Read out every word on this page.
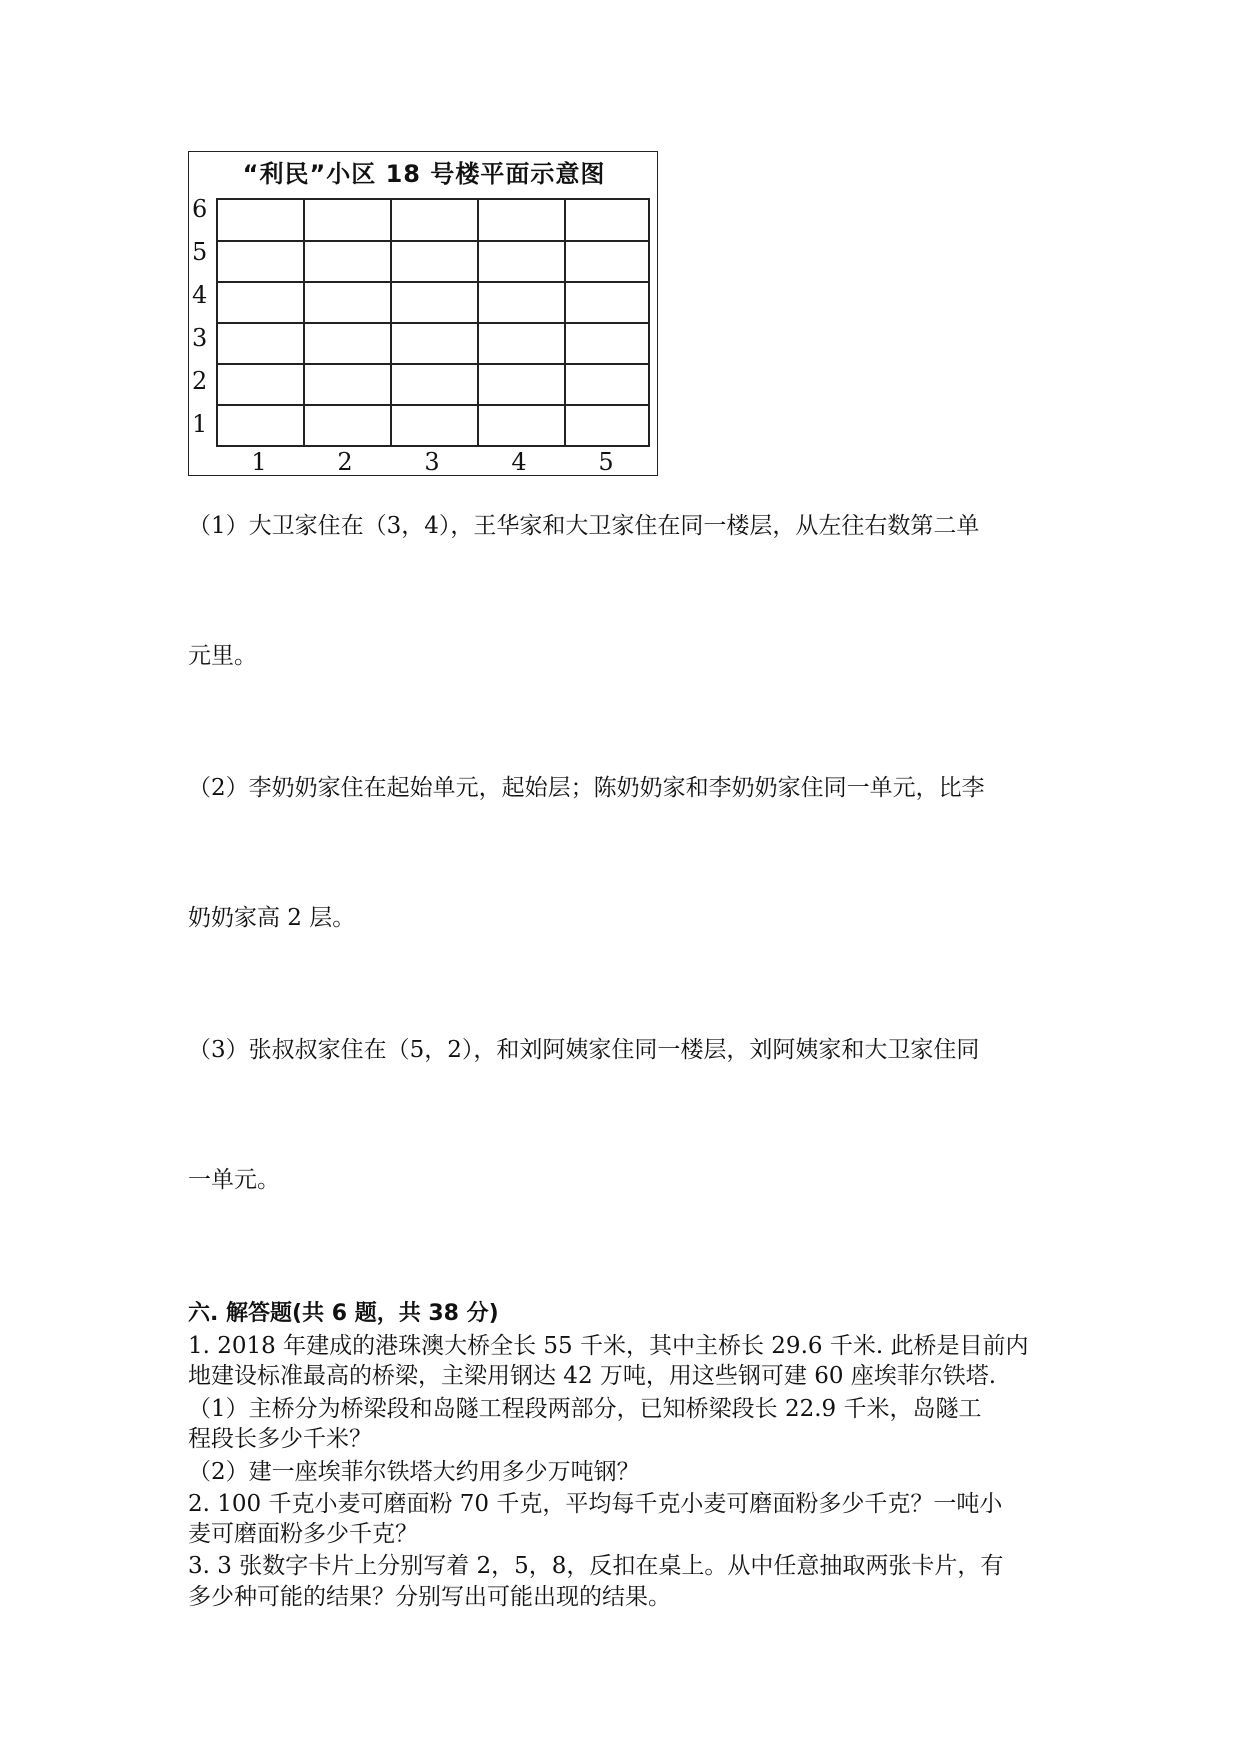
“利民”小区 18 号楼平面示意图
6
5
4
3
2
1
1	2	3	4	5
（1）大卫家住在（3，4），王华家和大卫家住在同一楼层，从左往右数第二单
元里。
（2）李奶奶家住在起始单元，起始层；陈奶奶家和李奶奶家住同一单元，比李
奶奶家高 2 层。
（3）张叔叔家住在（5，2），和刘阿姨家住同一楼层，刘阿姨家和大卫家住同
一单元。
六. 解答题(共 6 题，共 38 分)
1. 2018 年建成的港珠澳大桥全长 55 千米，其中主桥长 29.6 千米. 此桥是目前内
地建设标准最高的桥梁，主梁用钢达 42 万吨，用这些钢可建 60 座埃菲尔铁塔.
（1）主桥分为桥梁段和岛隧工程段两部分，已知桥梁段长 22.9 千米，岛隧工
程段长多少千米？
（2）建一座埃菲尔铁塔大约用多少万吨钢？
2. 100 千克小麦可磨面粉 70 千克，平均每千克小麦可磨面粉多少千克？一吨小
麦可磨面粉多少千克？
3. 3 张数字卡片上分别写着 2，5，8，反扣在桌上。从中任意抽取两张卡片，有
多少种可能的结果？分别写出可能出现的结果。
